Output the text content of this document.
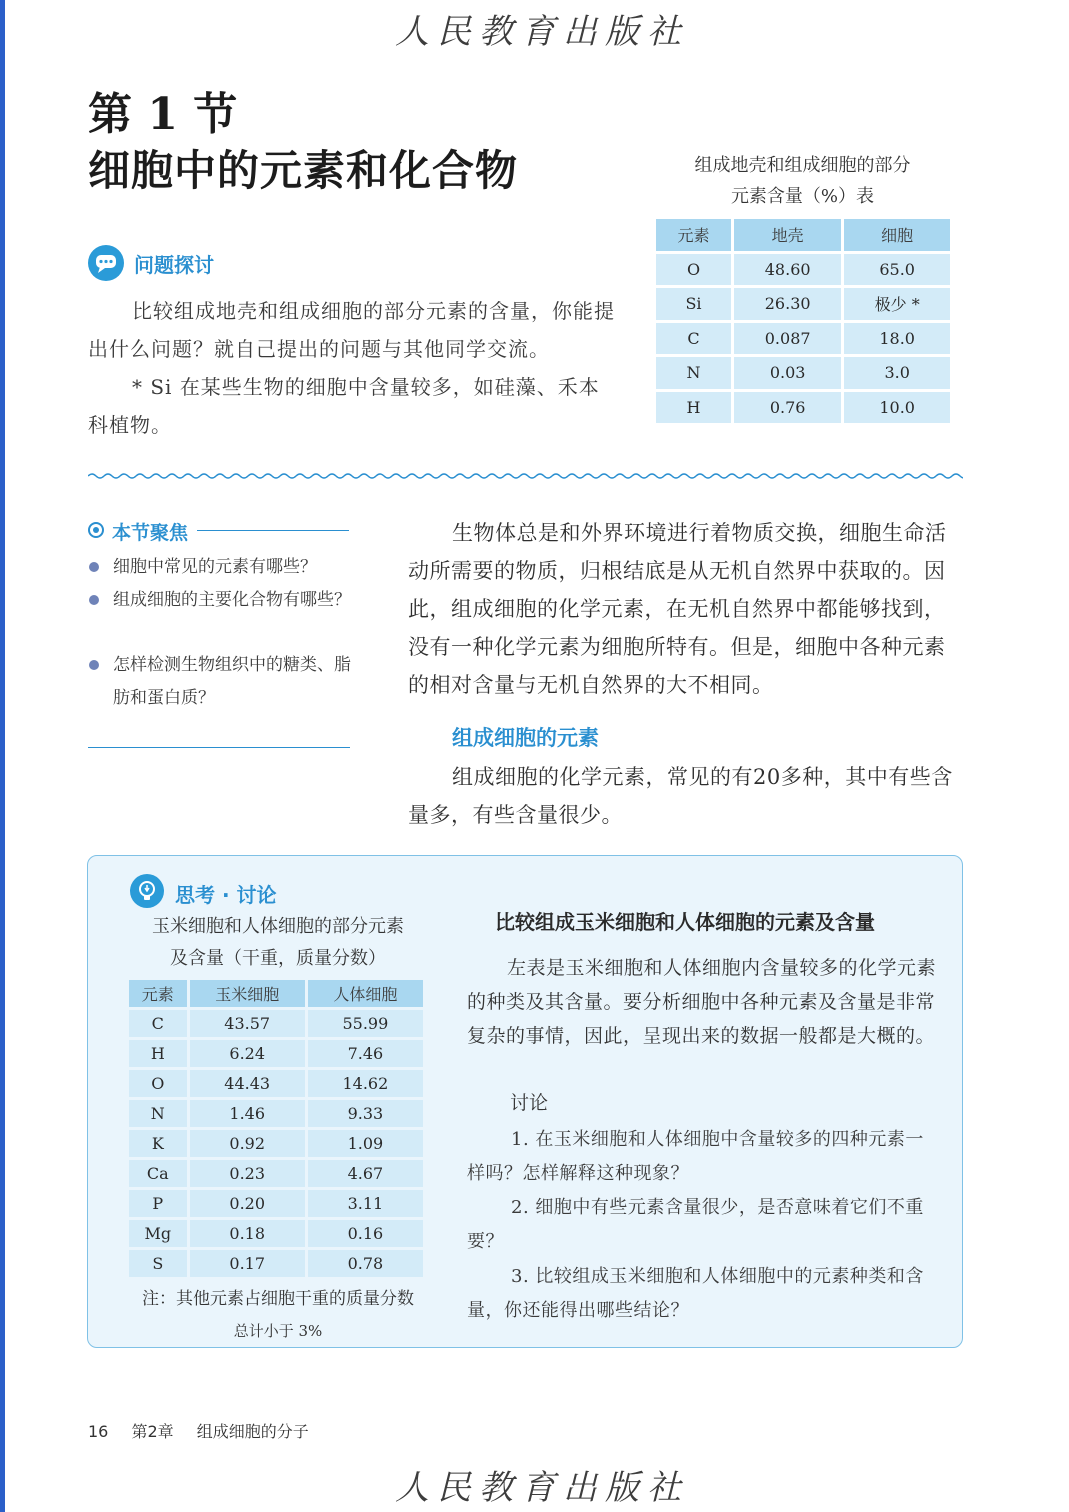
人民教育出版社
第 1 节
细胞中的元素和化合物
问题探讨
比较组成地壳和组成细胞的部分元素的含量，你能提出什么问题？就自己提出的问题与其他同学交流。
* Si 在某些生物的细胞中含量较多，如硅藻、禾本科植物。
组成地壳和组成细胞的部分
元素含量（%）表
元素	地壳	细胞
O	48.60	65.0
Si	26.30	极少 *
C	0.087	18.0
N	0.03	3.0
H	0.76	10.0
本节聚焦
细胞中常见的元素有哪些？
组成细胞的主要化合物有哪些？
怎样检测生物组织中的糖类、脂肪和蛋白质？
生物体总是和外界环境进行着物质交换，细胞生命活动所需要的物质，归根结底是从无机自然界中获取的。因此，组成细胞的化学元素，在无机自然界中都能够找到，没有一种化学元素为细胞所特有。但是，细胞中各种元素的相对含量与无机自然界的大不相同。
组成细胞的元素
组成细胞的化学元素，常见的有20多种，其中有些含量多，有些含量很少。
思考 · 讨论
玉米细胞和人体细胞的部分元素
及含量（干重，质量分数）
元素	玉米细胞	人体细胞
C	43.57	55.99
H	6.24	7.46
O	44.43	14.62
N	1.46	9.33
K	0.92	1.09
Ca	0.23	4.67
P	0.20	3.11
Mg	0.18	0.16
S	0.17	0.78
注：其他元素占细胞干重的质量分数
总计小于 3%
比较组成玉米细胞和人体细胞的元素及含量
左表是玉米细胞和人体细胞内含量较多的化学元素的种类及其含量。要分析细胞中各种元素及含量是非常复杂的事情，因此，呈现出来的数据一般都是大概的。
讨论
1. 在玉米细胞和人体细胞中含量较多的四种元素一样吗？怎样解释这种现象？
2. 细胞中有些元素含量很少，是否意味着它们不重要？
3. 比较组成玉米细胞和人体细胞中的元素种类和含量，你还能得出哪些结论？
16 第2章 组成细胞的分子
人民教育出版社
